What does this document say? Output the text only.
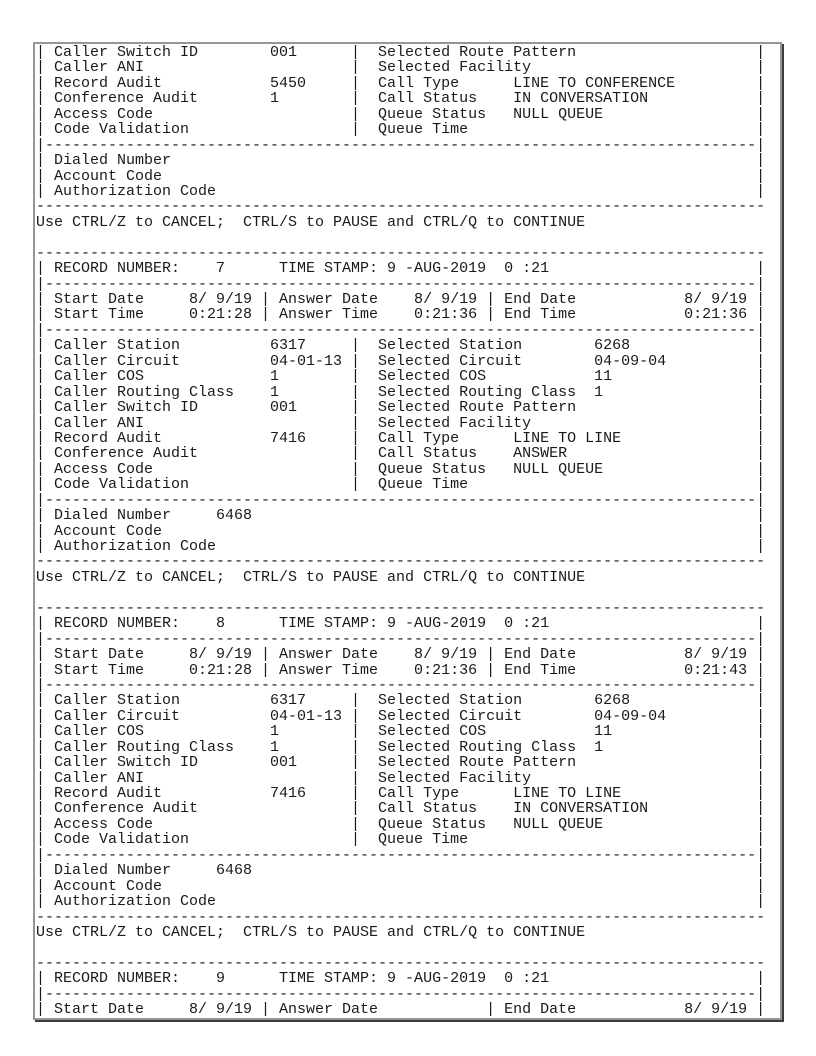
| Caller Switch ID        001      |  Selected Route Pattern                    |
| Caller ANI                       |  Selected Facility                         |
| Record Audit            5450     |  Call Type      LINE TO CONFERENCE         |
| Conference Audit        1        |  Call Status    IN CONVERSATION            |
| Access Code                      |  Queue Status   NULL QUEUE                 |
| Code Validation                  |  Queue Time                                |
|-------------------------------------------------------------------------------|
| Dialed Number                                                                 |
| Account Code                                                                  |
| Authorization Code                                                            |
---------------------------------------------------------------------------------
Use CTRL/Z to CANCEL;  CTRL/S to PAUSE and CTRL/Q to CONTINUE
---------------------------------------------------------------------------------
| RECORD NUMBER:    7      TIME STAMP: 9 -AUG-2019  0 :21                       |
|-------------------------------------------------------------------------------|
| Start Date     8/ 9/19 | Answer Date    8/ 9/19 | End Date            8/ 9/19 |
| Start Time     0:21:28 | Answer Time    0:21:36 | End Time            0:21:36 |
|-------------------------------------------------------------------------------|
| Caller Station          6317     |  Selected Station        6268              |
| Caller Circuit          04-01-13 |  Selected Circuit        04-09-04          |
| Caller COS              1        |  Selected COS            11                |
| Caller Routing Class    1        |  Selected Routing Class  1                 |
| Caller Switch ID        001      |  Selected Route Pattern                    |
| Caller ANI                       |  Selected Facility                         |
| Record Audit            7416     |  Call Type      LINE TO LINE               |
| Conference Audit                 |  Call Status    ANSWER                     |
| Access Code                      |  Queue Status   NULL QUEUE                 |
| Code Validation                  |  Queue Time                                |
|-------------------------------------------------------------------------------|
| Dialed Number     6468                                                        |
| Account Code                                                                  |
| Authorization Code                                                            |
---------------------------------------------------------------------------------
Use CTRL/Z to CANCEL;  CTRL/S to PAUSE and CTRL/Q to CONTINUE
---------------------------------------------------------------------------------
| RECORD NUMBER:    8      TIME STAMP: 9 -AUG-2019  0 :21                       |
|-------------------------------------------------------------------------------|
| Start Date     8/ 9/19 | Answer Date    8/ 9/19 | End Date            8/ 9/19 |
| Start Time     0:21:28 | Answer Time    0:21:36 | End Time            0:21:43 |
|-------------------------------------------------------------------------------|
| Caller Station          6317     |  Selected Station        6268              |
| Caller Circuit          04-01-13 |  Selected Circuit        04-09-04          |
| Caller COS              1        |  Selected COS            11                |
| Caller Routing Class    1        |  Selected Routing Class  1                 |
| Caller Switch ID        001      |  Selected Route Pattern                    |
| Caller ANI                       |  Selected Facility                         |
| Record Audit            7416     |  Call Type      LINE TO LINE               |
| Conference Audit                 |  Call Status    IN CONVERSATION            |
| Access Code                      |  Queue Status   NULL QUEUE                 |
| Code Validation                  |  Queue Time                                |
|-------------------------------------------------------------------------------|
| Dialed Number     6468                                                        |
| Account Code                                                                  |
| Authorization Code                                                            |
---------------------------------------------------------------------------------
Use CTRL/Z to CANCEL;  CTRL/S to PAUSE and CTRL/Q to CONTINUE
---------------------------------------------------------------------------------
| RECORD NUMBER:    9      TIME STAMP: 9 -AUG-2019  0 :21                       |
|-------------------------------------------------------------------------------|
| Start Date     8/ 9/19 | Answer Date            | End Date            8/ 9/19 |
